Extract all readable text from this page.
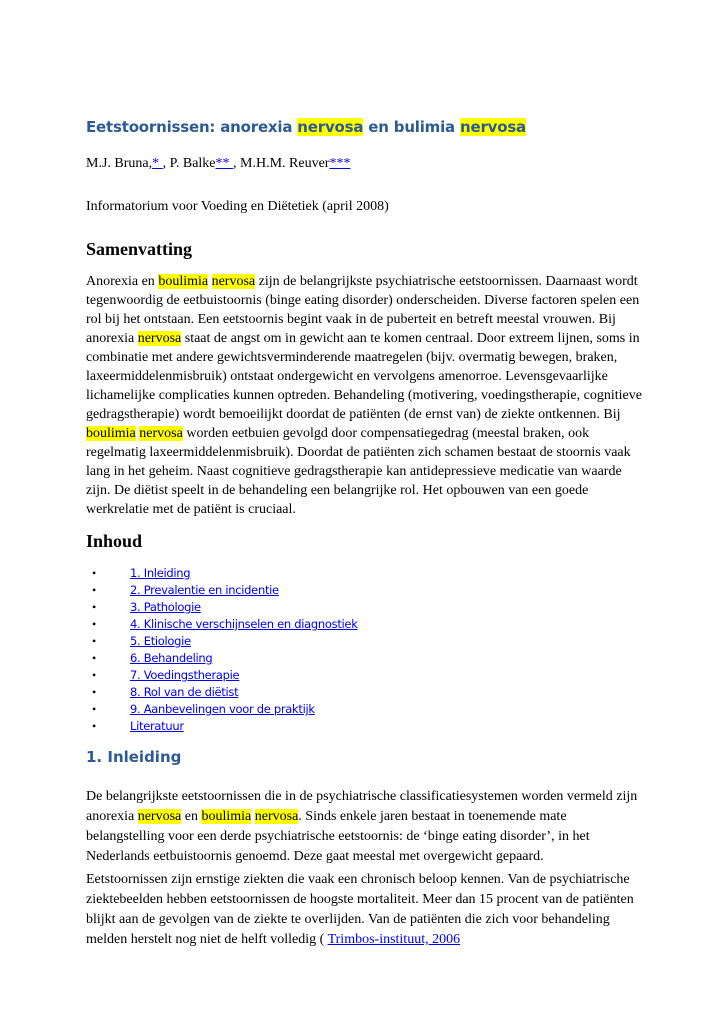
Eetstoornissen: anorexia nervosa en bulimia nervosa
M.J. Bruna,* , P. Balke** , M.H.M. Reuver***
Informatorium voor Voeding en Diëtetiek (april 2008)
Samenvatting
Anorexia en boulimia nervosa zijn de belangrijkste psychiatrische eetstoornissen. Daarnaast wordt tegenwoordig de eetbuistoornis (binge eating disorder) onderscheiden. Diverse factoren spelen een rol bij het ontstaan. Een eetstoornis begint vaak in de puberteit en betreft meestal vrouwen. Bij anorexia nervosa staat de angst om in gewicht aan te komen centraal. Door extreem lijnen, soms in combinatie met andere gewichtsverminderende maatregelen (bijv. overmatig bewegen, braken, laxeermiddelenmisbruik) ontstaat ondergewicht en vervolgens amenorroe. Levensgevaarlijke lichamelijke complicaties kunnen optreden. Behandeling (motivering, voedingstherapie, cognitieve gedragstherapie) wordt bemoeilijkt doordat de patiënten (de ernst van) de ziekte ontkennen. Bij boulimia nervosa worden eetbuien gevolgd door compensatiegedrag (meestal braken, ook regelmatig laxeermiddelenmisbruik). Doordat de patiënten zich schamen bestaat de stoornis vaak lang in het geheim. Naast cognitieve gedragstherapie kan antidepressieve medicatie van waarde zijn. De diëtist speelt in de behandeling een belangrijke rol. Het opbouwen van een goede werkrelatie met de patiënt is cruciaal.
Inhoud
•	1. Inleiding
•	2. Prevalentie en incidentie
•	3. Pathologie
•	4. Klinische verschijnselen en diagnostiek
•	5. Etiologie
•	6. Behandeling
•	7. Voedingstherapie
•	8. Rol van de diëtist
•	9. Aanbevelingen voor de praktijk
•	Literatuur
1. Inleiding
De belangrijkste eetstoornissen die in de psychiatrische classificatiesystemen worden vermeld zijn anorexia nervosa en boulimia nervosa. Sinds enkele jaren bestaat in toenemende mate belangstelling voor een derde psychiatrische eetstoornis: de ‘binge eating disorder’, in het Nederlands eetbuistoornis genoemd. Deze gaat meestal met overgewicht gepaard.
Eetstoornissen zijn ernstige ziekten die vaak een chronisch beloop kennen. Van de psychiatrische ziektebeelden hebben eetstoornissen de hoogste mortaliteit. Meer dan 15 procent van de patiënten blijkt aan de gevolgen van de ziekte te overlijden. Van de patiënten die zich voor behandeling melden herstelt nog niet de helft volledig ( Trimbos-instituut, 2006
